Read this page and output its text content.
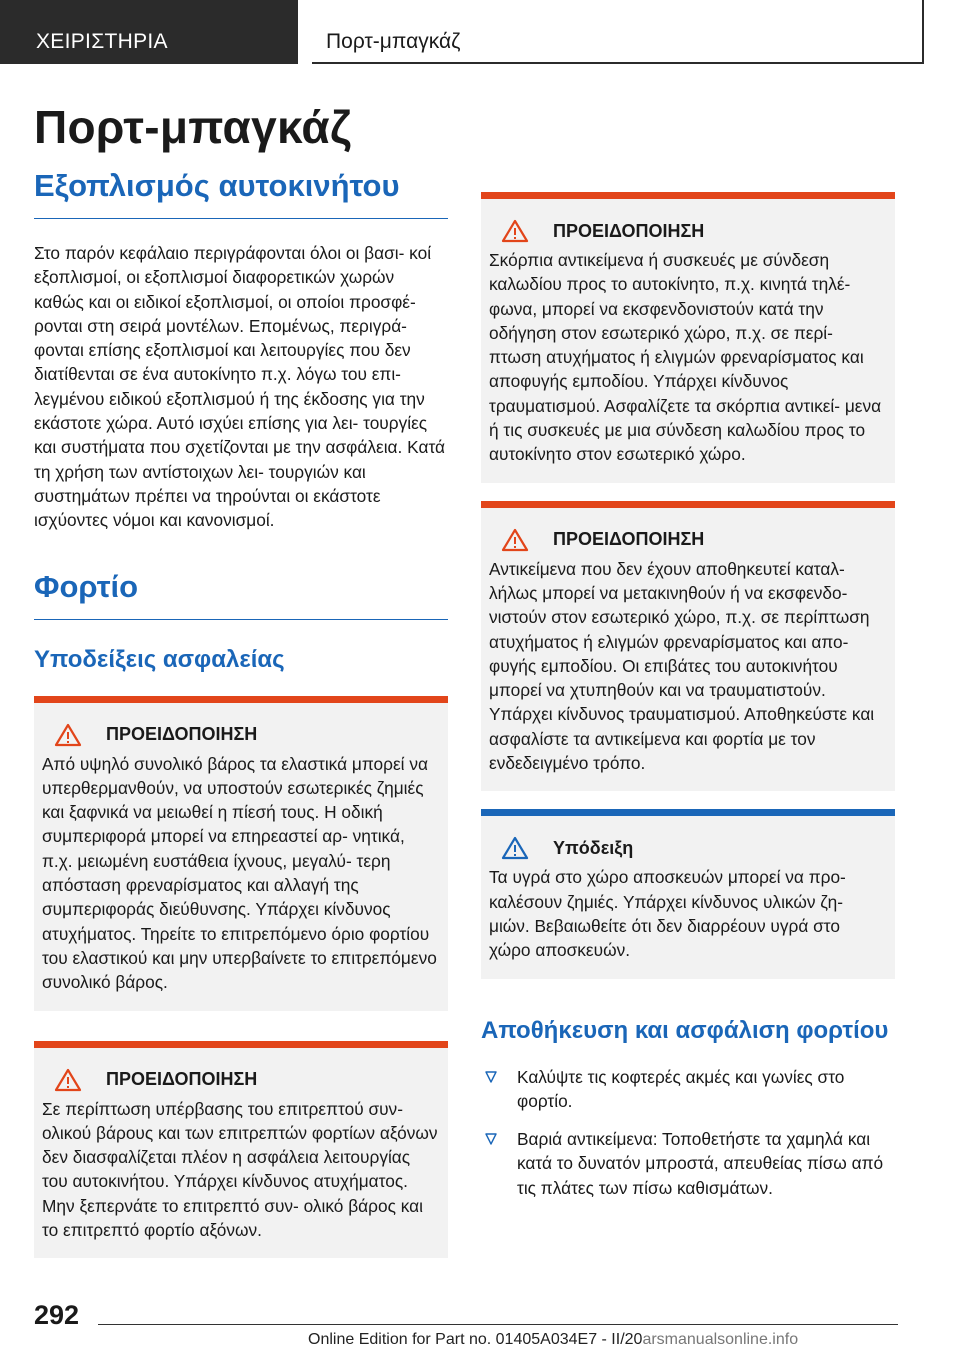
ΧΕΙΡΙΣΤΗΡΙΑ	Πορτ-μπαγκάζ
Πορτ-μπαγκάζ
Εξοπλισμός αυτοκινήτου
Στο παρόν κεφάλαιο περιγράφονται όλοι οι βασι‐ κοί εξοπλισμοί, οι εξοπλισμοί διαφορετικών χωρών καθώς και οι ειδικοί εξοπλισμοί, οι οποίοι προσφέ‐ ρονται στη σειρά μοντέλων. Επομένως, περιγρά‐ φονται επίσης εξοπλισμοί και λειτουργίες που δεν διατίθενται σε ένα αυτοκίνητο π.χ. λόγω του επι‐ λεγμένου ειδικού εξοπλισμού ή της έκδοσης για την εκάστοτε χώρα. Αυτό ισχύει επίσης για λει‐ τουργίες και συστήματα που σχετίζονται με την ασφάλεια. Κατά τη χρήση των αντίστοιχων λει‐ τουργιών και συστημάτων πρέπει να τηρούνται οι εκάστοτε ισχύοντες νόμοι και κανονισμοί.
Φορτίο
Υποδείξεις ασφαλείας
ΠΡΟΕΙΔΟΠΟΙΗΣΗ
Από υψηλό συνολικό βάρος τα ελαστικά μπορεί να υπερθερμανθούν, να υποστούν εσωτερικές ζημιές και ξαφνικά να μειωθεί η πίεσή τους. Η οδική συμπεριφορά μπορεί να επηρεαστεί αρ‐ νητικά, π.χ. μειωμένη ευστάθεια ίχνους, μεγαλύ‐ τερη απόσταση φρεναρίσματος και αλλαγή της συμπεριφοράς διεύθυνσης. Υπάρχει κίνδυνος ατυχήματος. Τηρείτε το επιτρεπόμενο όριο φορτίου του ελαστικού και μην υπερβαίνετε το επιτρεπόμενο συνολικό βάρος.
ΠΡΟΕΙΔΟΠΟΙΗΣΗ
Σε περίπτωση υπέρβασης του επιτρεπτού συν‐ ολικού βάρους και των επιτρεπτών φορτίων αξόνων δεν διασφαλίζεται πλέον η ασφάλεια λειτουργίας του αυτοκινήτου. Υπάρχει κίνδυνος ατυχήματος. Μην ξεπερνάτε το επιτρεπτό συν‐ ολικό βάρος και το επιτρεπτό φορτίο αξόνων.
ΠΡΟΕΙΔΟΠΟΙΗΣΗ
Σκόρπια αντικείμενα ή συσκευές με σύνδεση καλωδίου προς το αυτοκίνητο, π.χ. κινητά τηλέ‐ φωνα, μπορεί να εκσφενδονιστούν κατά την οδήγηση στον εσωτερικό χώρο, π.χ. σε περί‐ πτωση ατυχήματος ή ελιγμών φρεναρίσματος και αποφυγής εμποδίου. Υπάρχει κίνδυνος τραυματισμού. Ασφαλίζετε τα σκόρπια αντικεί‐ μενα ή τις συσκευές με μια σύνδεση καλωδίου προς το αυτοκίνητο στον εσωτερικό χώρο.
ΠΡΟΕΙΔΟΠΟΙΗΣΗ
Αντικείμενα που δεν έχουν αποθηκευτεί καταλ‐ λήλως μπορεί να μετακινηθούν ή να εκσφενδο‐ νιστούν στον εσωτερικό χώρο, π.χ. σε περίπτωση ατυχήματος ή ελιγμών φρεναρίσματος και απο‐ φυγής εμποδίου. Οι επιβάτες του αυτοκινήτου μπορεί να χτυπηθούν και να τραυματιστούν. Υπάρχει κίνδυνος τραυματισμού. Αποθηκεύστε και ασφαλίστε τα αντικείμενα και φορτία με τον ενδεδειγμένο τρόπο.
Υπόδειξη
Τα υγρά στο χώρο αποσκευών μπορεί να προ‐ καλέσουν ζημιές. Υπάρχει κίνδυνος υλικών ζη‐ μιών. Βεβαιωθείτε ότι δεν διαρρέουν υγρά στο χώρο αποσκευών.
Αποθήκευση και ασφάλιση φορτίου
Καλύψτε τις κοφτερές ακμές και γωνίες στο φορτίο.
Βαριά αντικείμενα: Τοποθετήστε τα χαμηλά και κατά το δυνατόν μπροστά, απευθείας πίσω από τις πλάτες των πίσω καθισμάτων.
292
Online Edition for Part no. 01405A034E7 - II/20arsmanualsonline.info
